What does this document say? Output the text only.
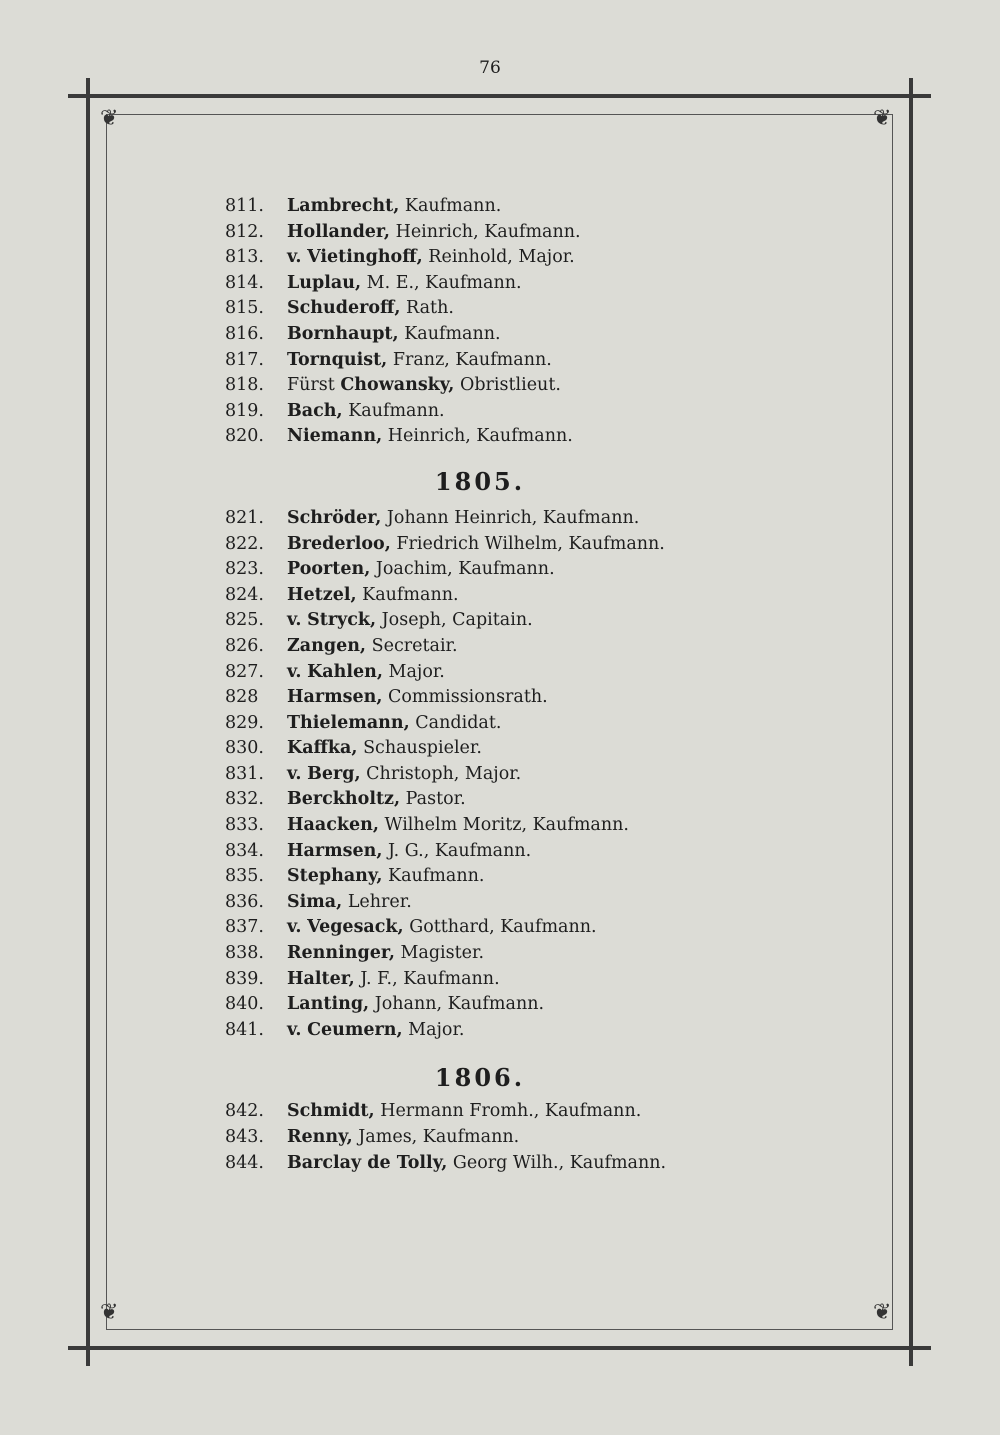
76
❦	❦
❦	❦
811. Lambrecht, Kaufmann.
812. Hollander, Heinrich, Kaufmann.
813. v. Vietinghoff, Reinhold, Major.
814. Luplau, M. E., Kaufmann.
815. Schuderoff, Rath.
816. Bornhaupt, Kaufmann.
817. Tornquist, Franz, Kaufmann.
818. Fürst Chowansky, Obristlieut.
819. Bach, Kaufmann.
820. Niemann, Heinrich, Kaufmann.
1805.
821. Schröder, Johann Heinrich, Kaufmann.
822. Brederloo, Friedrich Wilhelm, Kaufmann.
823. Poorten, Joachim, Kaufmann.
824. Hetzel, Kaufmann.
825. v. Stryck, Joseph, Capitain.
826. Zangen, Secretair.
827. v. Kahlen, Major.
828 Harmsen, Commissionsrath.
829. Thielemann, Candidat.
830. Kaffka, Schauspieler.
831. v. Berg, Christoph, Major.
832. Berckholtz, Pastor.
833. Haacken, Wilhelm Moritz, Kaufmann.
834. Harmsen, J. G., Kaufmann.
835. Stephany, Kaufmann.
836. Sima, Lehrer.
837. v. Vegesack, Gotthard, Kaufmann.
838. Renninger, Magister.
839. Halter, J. F., Kaufmann.
840. Lanting, Johann, Kaufmann.
841. v. Ceumern, Major.
1806.
842. Schmidt, Hermann Fromh., Kaufmann.
843. Renny, James, Kaufmann.
844. Barclay de Tolly, Georg Wilh., Kaufmann.
